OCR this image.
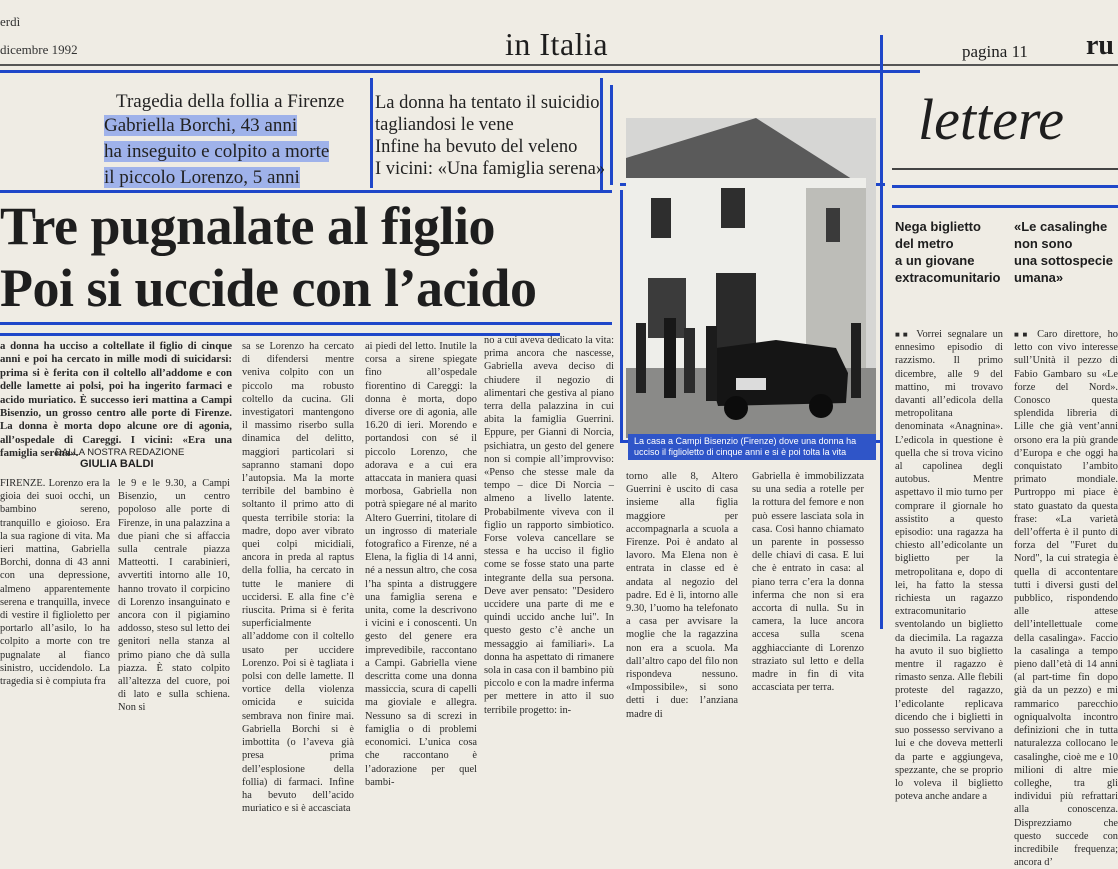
erdì
dicembre 1992	in Italia	pagina 11 ru
Tragedia della follia a Firenze
Gabriella Borchi, 43 anni
ha inseguito e colpito a morte
il piccolo Lorenzo, 5 anni
La donna ha tentato il suicidio
tagliandosi le vene
Infine ha bevuto del veleno
I vicini: «Una famiglia serena»
Tre pugnalate al figlio
Poi si uccide con l’acido
a donna ha ucciso a coltellate il figlio di cinque anni e poi ha cercato in mille modi di suicidarsi: prima si è ferita con il coltello all’addome e con delle lamette ai polsi, poi ha ingerito farmaci e acido muriatico. È successo ieri mattina a Campi Bisenzio, un grosso centro alle porte di Firenze. La donna è morta dopo alcune ore di agonia, all’ospedale di Careggi. I vicini: «Era una famiglia serena».
DALLA NOSTRA REDAZIONE
GIULIA BALDI
FIRENZE. Lorenzo era la gioia dei suoi occhi, un bambino sereno, tranquillo e gioioso. Era la sua ragione di vita. Ma ieri mattina, Gabriella Borchi, donna di 43 anni con una depressione, almeno apparentemente serena e tranquilla, invece di vestire il figlioletto per portarlo all’asilo, lo ha colpito a morte con tre pugnalate al fianco sinistro, uccidendolo. La tragedia si è compiuta fra
le 9 e le 9.30, a Campi Bisenzio, un centro popoloso alle porte di Firenze, in una palazzina a due piani che si affaccia sulla centrale piazza Matteotti. I carabinieri, avvertiti intorno alle 10, hanno trovato il corpicino di Lorenzo insanguinato e ancora con il pigiamino addosso, steso sul letto dei genitori nella stanza al primo piano che dà sulla piazza. È stato colpito all’altezza del cuore, poi di lato e sulla schiena. Non si
sa se Lorenzo ha cercato di difendersi mentre veniva colpito con un piccolo ma robusto coltello da cucina. Gli investigatori mantengono il massimo riserbo sulla dinamica del delitto, maggiori particolari si sapranno stamani dopo l’autopsia. Ma la morte terribile del bambino è soltanto il primo atto di questa terribile storia: la madre, dopo aver vibrato quei colpi micidiali, ancora in preda al raptus della follia, ha cercato in tutte le maniere di uccidersi. E alla fine c’è riuscita. Prima si è ferita superficialmente all’addome con il coltello usato per uccidere Lorenzo. Poi si è tagliata i polsi con delle lamette. Il vortice della violenza omicida e suicida sembrava non finire mai. Gabriella Borchi si è imbottita (o l’aveva già presa prima dell’esplosione della follia) di farmaci. Infine ha bevuto dell’acido muriatico e si è accasciata
ai piedi del letto. Inutile la corsa a sirene spiegate fino all’ospedale fiorentino di Careggi: la donna è morta, dopo diverse ore di agonia, alle 16.20 di ieri. Morendo e portandosi con sé il piccolo Lorenzo, che adorava e a cui era attaccata in maniera quasi morbosa, Gabriella non potrà spiegare né al marito Altero Guerrini, titolare di un ingrosso di materiale fotografico a Firenze, né a Elena, la figlia di 14 anni, né a nessun altro, che cosa l’ha spinta a distruggere una famiglia serena e unita, come la descrivono i vicini e i conoscenti. Un gesto del genere era imprevedibile, raccontano a Campi. Gabriella viene descritta come una donna massiccia, scura di capelli ma gioviale e allegra. Nessuno sa di screzi in famiglia o di problemi economici. L’unica cosa che raccontano è l’adorazione per quel bambi-
no a cui aveva dedicato la vita: prima ancora che nascesse, Gabriella aveva deciso di chiudere il negozio di alimentari che gestiva al piano terra della palazzina in cui abita la famiglia Guerrini. Eppure, per Gianni di Norcia, psichiatra, un gesto del genere non si compie all’improvviso: «Penso che stesse male da tempo – dice Di Norcia – almeno a livello latente. Probabilmente viveva con il figlio un rapporto simbiotico. Forse voleva cancellare se stessa e ha ucciso il figlio come se fosse stato una parte integrante della sua persona. Deve aver pensato: "Desidero uccidere una parte di me e quindi uccido anche lui". In questo gesto c’è anche un messaggio ai familiari». La donna ha aspettato di rimanere sola in casa con il bambino più piccolo e con la madre inferma per mettere in atto il suo terribile progetto: in-
torno alle 8, Altero Guerrini è uscito di casa insieme alla figlia maggiore per accompagnarla a scuola a Firenze. Poi è andato al lavoro. Ma Elena non è entrata in classe ed è andata al negozio del padre. Ed è lì, intorno alle 9.30, l’uomo ha telefonato a casa per avvisare la moglie che la ragazzina non era a scuola. Ma dall’altro capo del filo non rispondeva nessuno. «Impossibile», si sono detti i due: l’anziana madre di
Gabriella è immobilizzata su una sedia a rotelle per la rottura del femore e non può essere lasciata sola in casa. Così hanno chiamato un parente in possesso delle chiavi di casa. E lui che è entrato in casa: al piano terra c’era la donna inferma che non si era accorta di nulla. Su in camera, la luce ancora accesa sulla scena agghiacciante di Lorenzo straziato sul letto e della madre in fin di vita accasciata per terra.
La casa a Campi Bisenzio (Firenze) dove una donna ha ucciso il figlioletto di cinque anni e si è poi tolta la vita
lettere
Nega biglietto
del metro
a un giovane
extracomunitario
«Le casalinghe
non sono
una sottospecie
umana»
■■ Vorrei segnalare un ennesimo episodio di razzismo. Il primo dicembre, alle 9 del mattino, mi trovavo davanti all’edicola della metropolitana denominata «Anagnina». L’edicola in questione è quella che si trova vicino al capolinea degli autobus. Mentre aspettavo il mio turno per comprare il giornale ho assistito a questo episodio: una ragazza ha chiesto all’edicolante un biglietto per la metropolitana e, dopo di lei, ha fatto la stessa richiesta un ragazzo extracomunitario sventolando un biglietto da diecimila. La ragazza ha avuto il suo biglietto mentre il ragazzo è rimasto senza. Alle flebili proteste del ragazzo, l’edicolante replicava dicendo che i biglietti in suo possesso servivano a lui e che doveva metterli da parte e aggiungeva, spezzante, che se proprio lo voleva il biglietto poteva anche andare a
■■ Caro direttore, ho letto con vivo interesse sull’Unità il pezzo di Fabio Gambaro su «Le forze del Nord». Conosco questa splendida libreria di Lille che già vent’anni orsono era la più grande d’Europa e che oggi ha conquistato l’ambito primato mondiale. Purtroppo mi piace è stato guastato da questa frase: «La varietà dell’offerta è il punto di forza del "Furet du Nord", la cui strategia è quella di accontentare tutti i diversi gusti del pubblico, rispondendo alle attese dell’intellettuale come della casalinga». Faccio la casalinga a tempo pieno dall’età di 14 anni (al part-time fin dopo già da un pezzo) e mi rammarico parecchio ogniqualvolta incontro definizioni che in tutta naturalezza collocano le casalinghe, cioè me e 10 milioni di altre mie colleghe, tra gli individui più refrattari alla conoscenza. Disprezziamo che questo succede con incredibile frequenza; ancora d’
